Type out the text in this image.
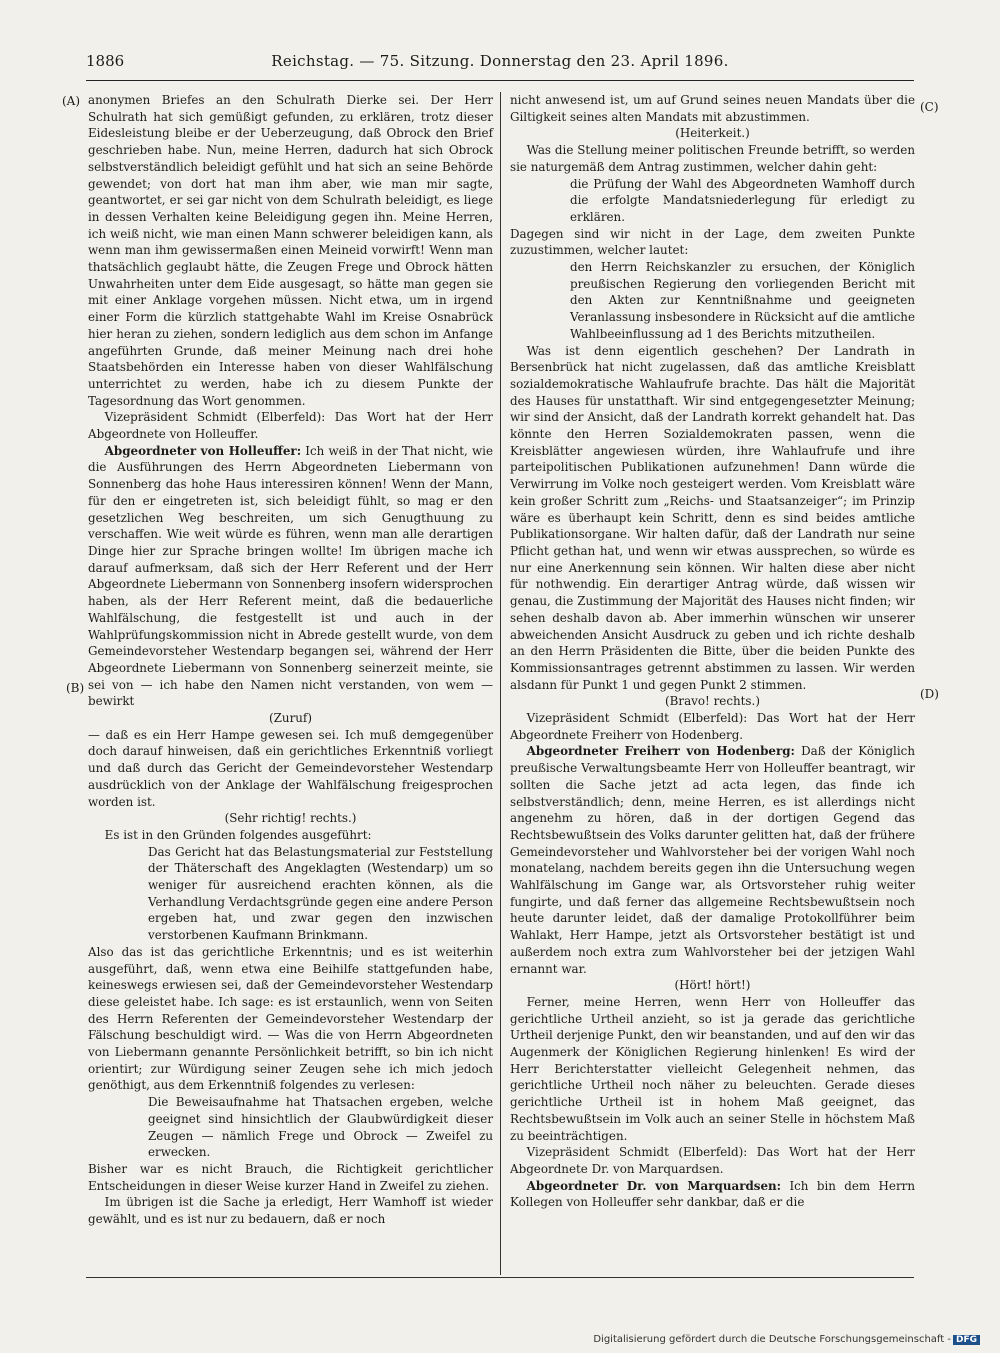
1886	Reichstag. — 75. Sitzung. Donnerstag den 23. April 1896.
(A)
(B)
(C)
(D)

anonymen Briefes an den Schulrath Dierke sei. Der Herr Schulrath hat sich gemüßigt gefunden, zu erklären, trotz dieser Eidesleistung bleibe er der Ueberzeugung, daß Obrock den Brief geschrieben habe. Nun, meine Herren, dadurch hat sich Obrock selbstverständlich beleidigt gefühlt und hat sich an seine Behörde gewendet; von dort hat man ihm aber, wie man mir sagte, geantwortet, er sei gar nicht von dem Schulrath beleidigt, es liege in dessen Verhalten keine Beleidigung gegen ihn. Meine Herren, ich weiß nicht, wie man einen Mann schwerer beleidigen kann, als wenn man ihm gewissermaßen einen Meineid vorwirft! Wenn man thatsächlich geglaubt hätte, die Zeugen Frege und Obrock hätten Unwahrheiten unter dem Eide ausgesagt, so hätte man gegen sie mit einer Anklage vorgehen müssen. Nicht etwa, um in irgend einer Form die kürzlich stattgehabte Wahl im Kreise Osnabrück hier heran zu ziehen, sondern lediglich aus dem schon im Anfange angeführten Grunde, daß meiner Meinung nach drei hohe Staatsbehörden ein Interesse haben von dieser Wahlfälschung unterrichtet zu werden, habe ich zu diesem Punkte der Tagesordnung das Wort genommen.

Vizepräsident Schmidt (Elberfeld): Das Wort hat der Herr Abgeordnete von Holleuffer.

Abgeordneter von Holleuffer: Ich weiß in der That nicht, wie die Ausführungen des Herrn Abgeordneten Liebermann von Sonnenberg das hohe Haus interessiren können! Wenn der Mann, für den er eingetreten ist, sich beleidigt fühlt, so mag er den gesetzlichen Weg beschreiten, um sich Genugthuung zu verschaffen. Wie weit würde es führen, wenn man alle derartigen Dinge hier zur Sprache bringen wollte! Im übrigen mache ich darauf aufmerksam, daß sich der Herr Referent und der Herr Abgeordnete Liebermann von Sonnenberg insofern widersprochen haben, als der Herr Referent meint, daß die bedauerliche Wahlfälschung, die festgestellt ist und auch in der Wahlprüfungskommission nicht in Abrede gestellt wurde, von dem Gemeindevorsteher Westendarp begangen sei, während der Herr Abgeordnete Liebermann von Sonnenberg seinerzeit meinte, sie sei von — ich habe den Namen nicht verstanden, von wem — bewirkt

(Zuruf)

— daß es ein Herr Hampe gewesen sei. Ich muß demgegenüber doch darauf hinweisen, daß ein gerichtliches Erkenntniß vorliegt und daß durch das Gericht der Gemeindevorsteher Westendarp ausdrücklich von der Anklage der Wahlfälschung freigesprochen worden ist.

(Sehr richtig! rechts.)

Es ist in den Gründen folgendes ausgeführt:

Das Gericht hat das Belastungsmaterial zur Feststellung der Thäterschaft des Angeklagten (Westendarp) um so weniger für ausreichend erachten können, als die Verhandlung Verdachtsgründe gegen eine andere Person ergeben hat, und zwar gegen den inzwischen verstorbenen Kaufmann Brinkmann.

Also das ist das gerichtliche Erkenntnis; und es ist weiterhin ausgeführt, daß, wenn etwa eine Beihilfe stattgefunden habe, keineswegs erwiesen sei, daß der Gemeindevorsteher Westendarp diese geleistet habe. Ich sage: es ist erstaunlich, wenn von Seiten des Herrn Referenten der Gemeindevorsteher Westendarp der Fälschung beschuldigt wird. — Was die von Herrn Abgeordneten von Liebermann genannte Persönlichkeit betrifft, so bin ich nicht orientirt; zur Würdigung seiner Zeugen sehe ich mich jedoch genöthigt, aus dem Erkenntniß folgendes zu verlesen:

Die Beweisaufnahme hat Thatsachen ergeben, welche geeignet sind hinsichtlich der Glaubwürdigkeit dieser Zeugen — nämlich Frege und Obrock — Zweifel zu erwecken.

Bisher war es nicht Brauch, die Richtigkeit gerichtlicher Entscheidungen in dieser Weise kurzer Hand in Zweifel zu ziehen.

Im übrigen ist die Sache ja erledigt, Herr Wamhoff ist wieder gewählt, und es ist nur zu bedauern, daß er noch

nicht anwesend ist, um auf Grund seines neuen Mandats über die Giltigkeit seines alten Mandats mit abzustimmen.

(Heiterkeit.)

Was die Stellung meiner politischen Freunde betrifft, so werden sie naturgemäß dem Antrag zustimmen, welcher dahin geht:

die Prüfung der Wahl des Abgeordneten Wamhoff durch die erfolgte Mandatsniederlegung für erledigt zu erklären.

Dagegen sind wir nicht in der Lage, dem zweiten Punkte zuzustimmen, welcher lautet:

den Herrn Reichskanzler zu ersuchen, der Königlich preußischen Regierung den vorliegenden Bericht mit den Akten zur Kenntnißnahme und geeigneten Veranlassung insbesondere in Rücksicht auf die amtliche Wahlbeeinflussung ad 1 des Berichts mitzutheilen.

Was ist denn eigentlich geschehen? Der Landrath in Bersenbrück hat nicht zugelassen, daß das amtliche Kreisblatt sozialdemokratische Wahlaufrufe brachte. Das hält die Majorität des Hauses für unstatthaft. Wir sind entgegengesetzter Meinung; wir sind der Ansicht, daß der Landrath korrekt gehandelt hat. Das könnte den Herren Sozialdemokraten passen, wenn die Kreisblätter angewiesen würden, ihre Wahlaufrufe und ihre parteipolitischen Publikationen aufzunehmen! Dann würde die Verwirrung im Volke noch gesteigert werden. Vom Kreisblatt wäre kein großer Schritt zum „Reichs- und Staatsanzeiger“; im Prinzip wäre es überhaupt kein Schritt, denn es sind beides amtliche Publikationsorgane. Wir halten dafür, daß der Landrath nur seine Pflicht gethan hat, und wenn wir etwas aussprechen, so würde es nur eine Anerkennung sein können. Wir halten diese aber nicht für nothwendig. Ein derartiger Antrag würde, daß wissen wir genau, die Zustimmung der Majorität des Hauses nicht finden; wir sehen deshalb davon ab. Aber immerhin wünschen wir unserer abweichenden Ansicht Ausdruck zu geben und ich richte deshalb an den Herrn Präsidenten die Bitte, über die beiden Punkte des Kommissionsantrages getrennt abstimmen zu lassen. Wir werden alsdann für Punkt 1 und gegen Punkt 2 stimmen.

(Bravo! rechts.)

Vizepräsident Schmidt (Elberfeld): Das Wort hat der Herr Abgeordnete Freiherr von Hodenberg.

Abgeordneter Freiherr von Hodenberg: Daß der Königlich preußische Verwaltungsbeamte Herr von Holleuffer beantragt, wir sollten die Sache jetzt ad acta legen, das finde ich selbstverständlich; denn, meine Herren, es ist allerdings nicht angenehm zu hören, daß in der dortigen Gegend das Rechtsbewußtsein des Volks darunter gelitten hat, daß der frühere Gemeindevorsteher und Wahlvorsteher bei der vorigen Wahl noch monatelang, nachdem bereits gegen ihn die Untersuchung wegen Wahlfälschung im Gange war, als Ortsvorsteher ruhig weiter fungirte, und daß ferner das allgemeine Rechtsbewußtsein noch heute darunter leidet, daß der damalige Protokollführer beim Wahlakt, Herr Hampe, jetzt als Ortsvorsteher bestätigt ist und außerdem noch extra zum Wahlvorsteher bei der jetzigen Wahl ernannt war.

(Hört! hört!)

Ferner, meine Herren, wenn Herr von Holleuffer das gerichtliche Urtheil anzieht, so ist ja gerade das gerichtliche Urtheil derjenige Punkt, den wir beanstanden, und auf den wir das Augenmerk der Königlichen Regierung hinlenken! Es wird der Herr Berichterstatter vielleicht Gelegenheit nehmen, das gerichtliche Urtheil noch näher zu beleuchten. Gerade dieses gerichtliche Urtheil ist in hohem Maß geeignet, das Rechtsbewußtsein im Volk auch an seiner Stelle in höchstem Maß zu beeinträchtigen.

Vizepräsident Schmidt (Elberfeld): Das Wort hat der Herr Abgeordnete Dr. von Marquardsen.

Abgeordneter Dr. von Marquardsen: Ich bin dem Herrn Kollegen von Holleuffer sehr dankbar, daß er die

Digitalisierung gefördert durch die Deutsche Forschungsgemeinschaft - DFG
